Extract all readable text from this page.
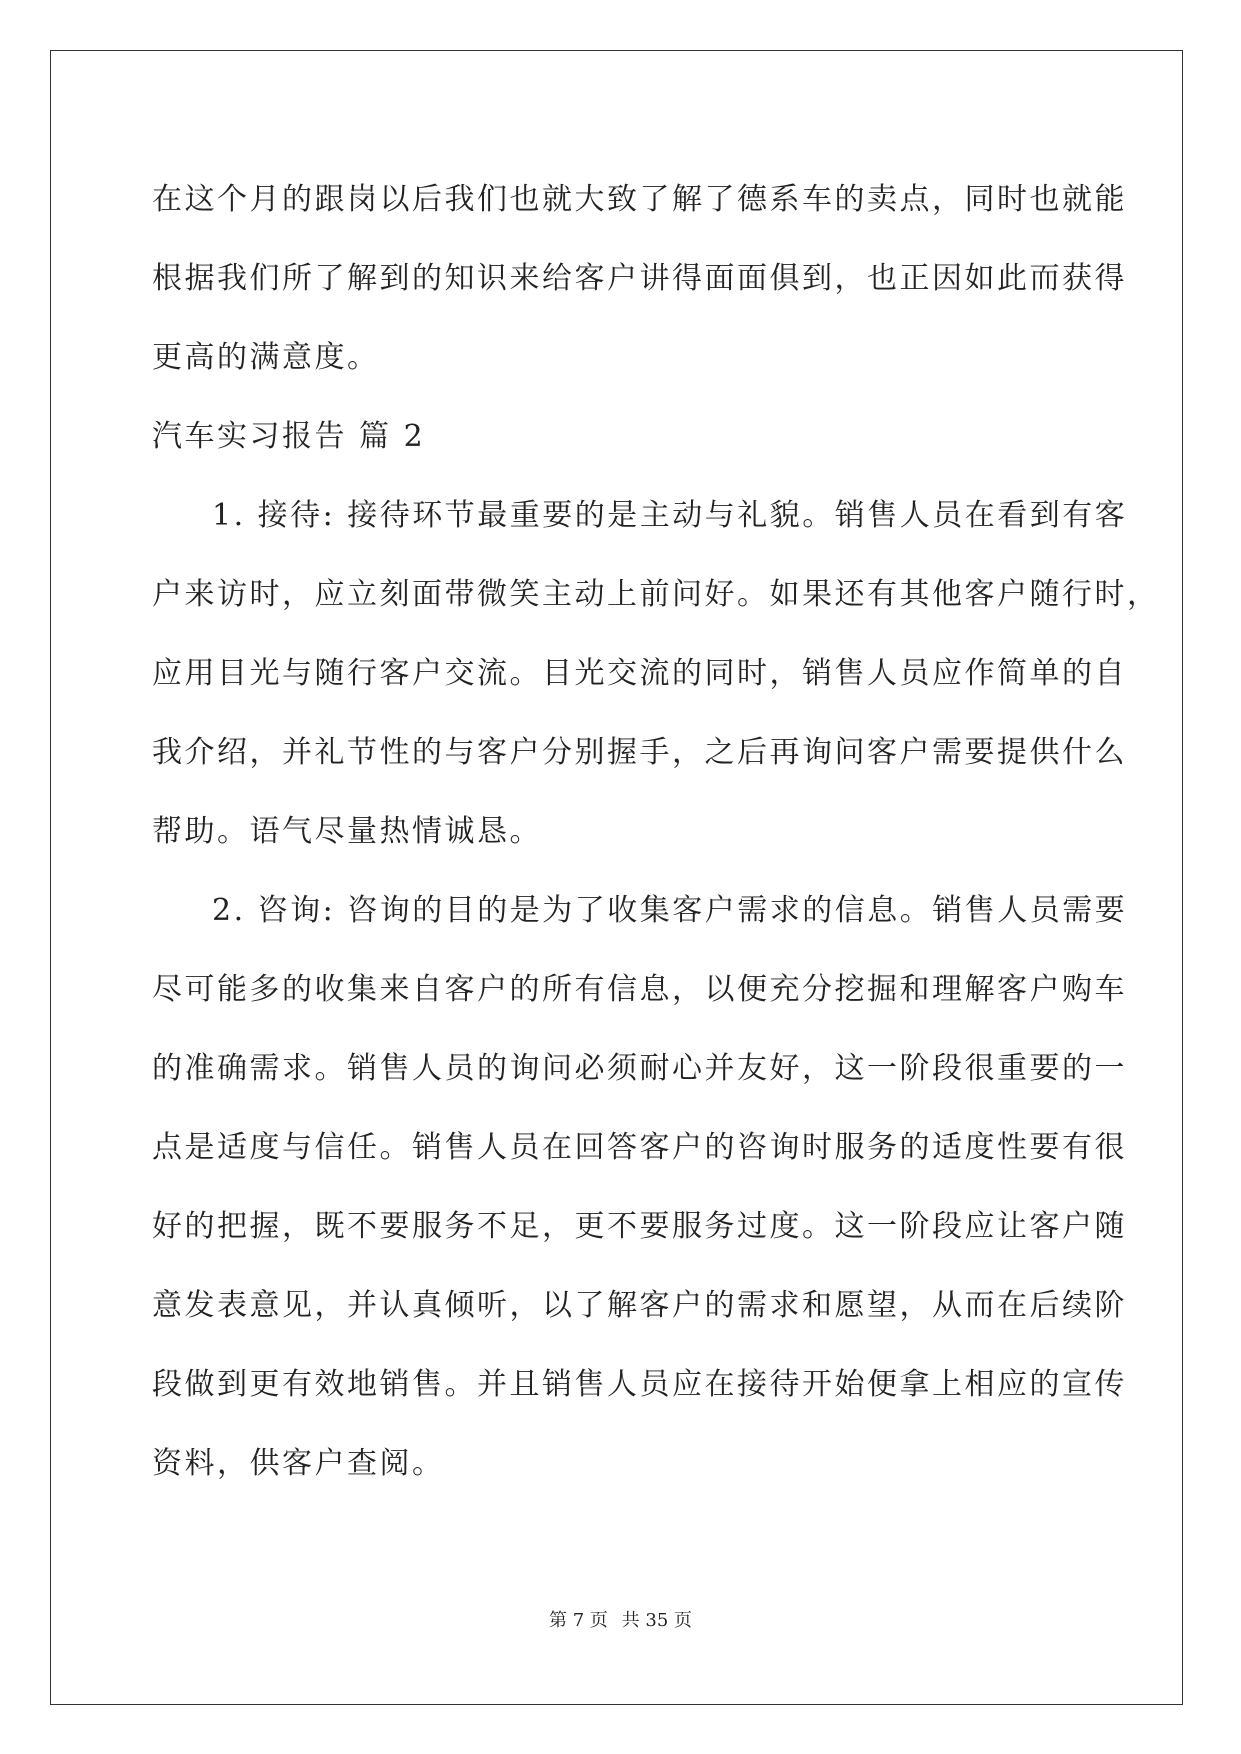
在这个月的跟岗以后我们也就大致了解了德系车的卖点，同时也就能
根据我们所了解到的知识来给客户讲得面面俱到，也正因如此而获得
更高的满意度。
汽车实习报告 篇 2
1. 接待: 接待环节最重要的是主动与礼貌。销售人员在看到有客
户来访时，应立刻面带微笑主动上前问好。如果还有其他客户随行时，
应用目光与随行客户交流。目光交流的同时，销售人员应作简单的自
我介绍，并礼节性的与客户分别握手，之后再询问客户需要提供什么
帮助。语气尽量热情诚恳。
2. 咨询: 咨询的目的是为了收集客户需求的信息。销售人员需要
尽可能多的收集来自客户的所有信息，以便充分挖掘和理解客户购车
的准确需求。销售人员的询问必须耐心并友好，这一阶段很重要的一
点是适度与信任。销售人员在回答客户的咨询时服务的适度性要有很
好的把握，既不要服务不足，更不要服务过度。这一阶段应让客户随
意发表意见，并认真倾听，以了解客户的需求和愿望，从而在后续阶
段做到更有效地销售。并且销售人员应在接待开始便拿上相应的宣传
资料，供客户查阅。
第 7 页 共 35 页
